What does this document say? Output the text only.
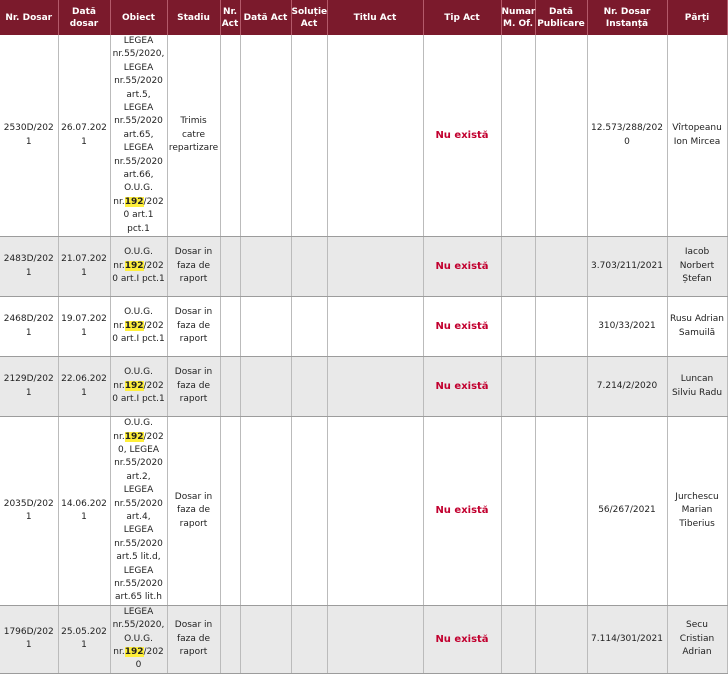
Nr. Dosar	Dată dosar	Obiect	Stadiu	Nr. Act	Dată Act	Soluție Act	Titlu Act	Tip Act	Numar M. Of.	Dată Publicare	Nr. Dosar Instanță	Părți
2530D/2021	26.07.2021	LEGEA nr.55/2020, LEGEA nr.55/2020 art.5, LEGEA nr.55/2020 art.65, LEGEA nr.55/2020 art.66, O.U.G. nr.192/2020 art.1 pct.1	Trimis catre repartizare					Nu există			12.573/288/2020	Vîrtopeanu Ion Mircea
2483D/2021	21.07.2021	O.U.G. nr.192/2020 art.I pct.1	Dosar in faza de raport					Nu există			3.703/211/2021	Iacob Norbert Ștefan
2468D/2021	19.07.2021	O.U.G. nr.192/2020 art.I pct.1	Dosar in faza de raport					Nu există			310/33/2021	Rusu Adrian Samuilă
2129D/2021	22.06.2021	O.U.G. nr.192/2020 art.I pct.1	Dosar in faza de raport					Nu există			7.214/2/2020	Luncan Silviu Radu
2035D/2021	14.06.2021	O.U.G. nr.192/2020, LEGEA nr.55/2020 art.2, LEGEA nr.55/2020 art.4, LEGEA nr.55/2020 art.5 lit.d, LEGEA nr.55/2020 art.65 lit.h	Dosar in faza de raport					Nu există			56/267/2021	Jurchescu Marian Tiberius
1796D/2021	25.05.2021	LEGEA nr.55/2020, O.U.G. nr.192/2020	Dosar in faza de raport					Nu există			7.114/301/2021	Secu Cristian Adrian
